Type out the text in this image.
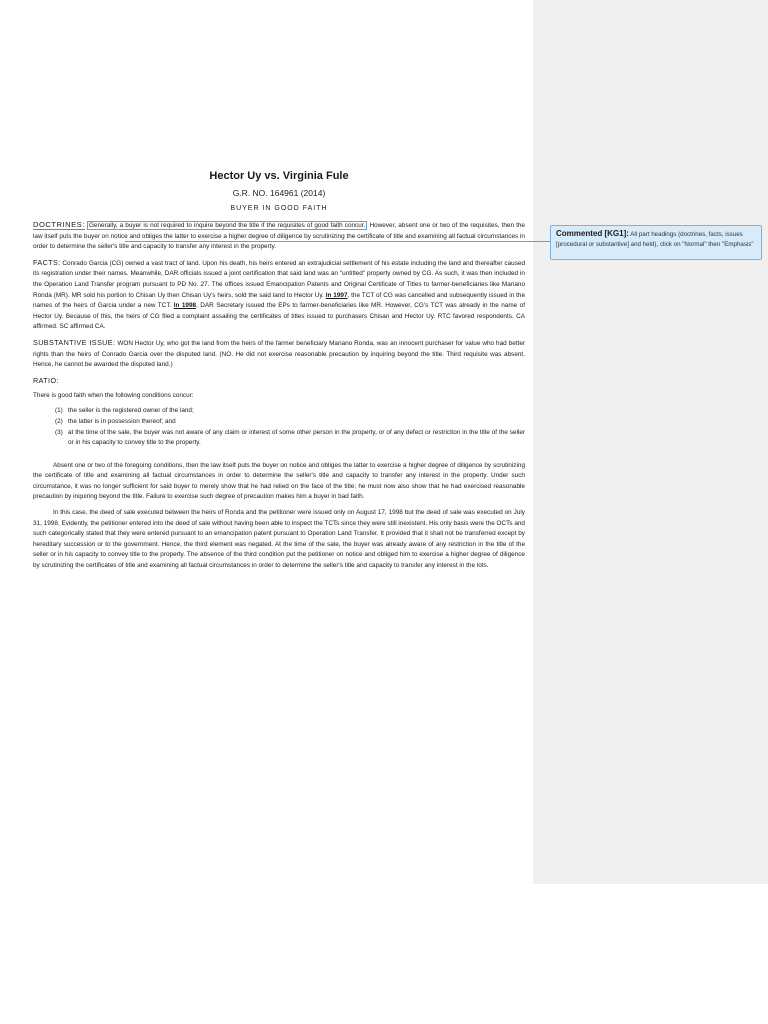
Hector Uy vs. Virginia Fule
G.R. NO. 164961 (2014)
BUYER IN GOOD FAITH

DOCTRINES: Generally, a buyer is not required to inquire beyond the title if the requisites of good faith concur. However, absent one or two of the requisites, then the law itself puts the buyer on notice and obliges the latter to exercise a higher degree of diligence by scrutinizing the certificate of title and examining all factual circumstances in order to determine the seller's title and capacity to transfer any interest in the property.

FACTS: Conrado Garcia (CG) owned a vast tract of land. Upon his death, his heirs entered an extrajudicial settlement of his estate including the land and thereafter caused its registration under their names. Meanwhile, DAR officials issued a joint certification that said land was an "untitled" property owned by CG. As such, it was then included in the Operation Land Transfer program pursuant to PD No. 27. The offices issued Emancipation Patents and Original Certificate of Titles to farmer-beneficiaries like Mariano Ronda (MR). MR sold his portion to Chisan Uy then Chisan Uy's heirs, sold the said land to Hector Uy. In 1997, the TCT of CG was cancelled and subsequently issued in the names of the heirs of Garcia under a new TCT. In 1998, DAR Secretary issued the EPs to farmer-beneficiaries like MR. However, CG's TCT was already in the name of Hector Uy. Because of this, the heirs of CG filed a complaint assailing the certificates of titles issued to purchasers Chisan and Hector Uy. RTC favored respondents. CA affirmed. SC affirmed CA.

SUBSTANTIVE ISSUE: WON Hector Uy, who got the land from the heirs of the farmer beneficiary Mariano Ronda, was an innocent purchaser for value who had better rights than the heirs of Conrado Garcia over the disputed land. (NO. He did not exercise reasonable precaution by inquiring beyond the title. Third requisite was absent. Hence, he cannot be awarded the disputed land.)

RATIO:

There is good faith when the following conditions concur:

(1) the seller is the registered owner of the land;
(2) the latter is in possession thereof; and
(3) at the time of the sale, the buyer was not aware of any claim or interest of some other person in the property, or of any defect or restriction in the title of the seller or in his capacity to convey title to the property.

Absent one or two of the foregoing conditions, then the law itself puts the buyer on notice and obliges the latter to exercise a higher degree of diligence by scrutinizing the certificate of title and examining all factual circumstances in order to determine the seller's title and capacity to transfer any interest in the property. Under such circumstance, it was no longer sufficient for said buyer to merely show that he had relied on the face of the title; he must now also show that he had exercised reasonable precaution by inquiring beyond the title. Failure to exercise such degree of precaution makes him a buyer in bad faith.

In this case, the deed of sale executed between the heirs of Ronda and the petitioner were issued only on August 17, 1998 but the deed of sale was executed on July 31, 1998. Evidently, the petitioner entered into the deed of sale without having been able to inspect the TCTs since they were still inexistent. His only basis were the OCTs and such categorically stated that they were entered pursuant to an emancipation patent pursuant to Operation Land Transfer. It provided that it shall not be transferred except by hereditary succession or to the government. Hence, the third element was negated. At the time of the sale, the buyer was already aware of any restriction in the title of the seller or in his capacity to convey title to the property. The absence of the third condition put the petitioner on notice and obliged him to exercise a higher degree of diligence by scrutinizing the certificates of title and examining all factual circumstances in order to determine the seller's title and capacity to transfer any interest in the lots.

Commented [KG1]: All part headings (doctrines, facts, issues [procedural or substantive] and held), click on "Normal" then "Emphasis"
